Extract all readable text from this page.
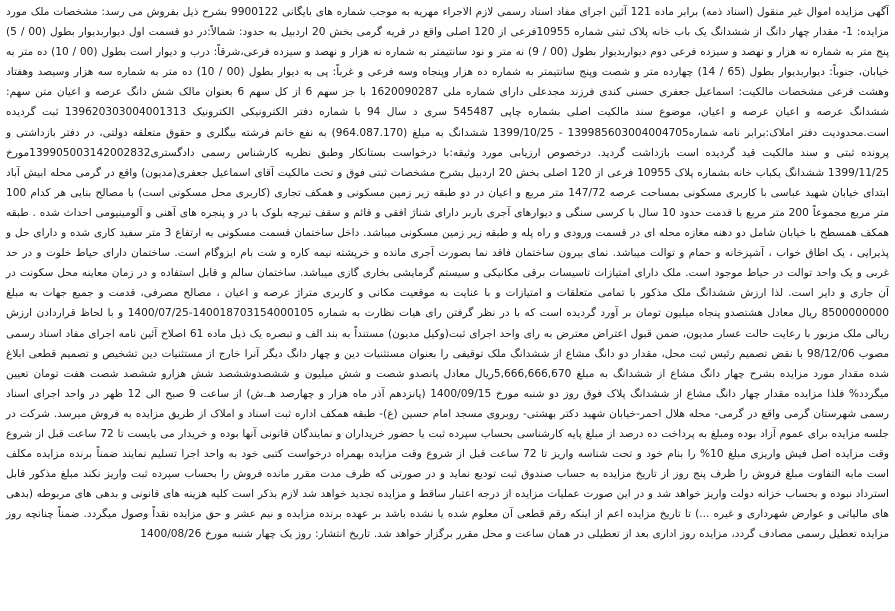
آگهی مزایده اموال غیر منقول (اسناد ذمه) برابر ماده 121 آئین اجرای مفاد اسناد رسمی لازم الاجراء مهریه به موجب شماره های بایگانی 9900122 بشرح ذیل بفروش می رسد: مشخصات ملک مورد مزایده: 1- مقدار چهار دانگ از ششدانگ یک باب خانه پلاک ثبتی شماره 10955فرعی از 120 اصلی واقع در قریه گرمی بخش 20 اردبیل به حدود: شمالاً:در دو قسمت اول دیواربدیوار بطول (00 / 5) پنج متر به شماره نه هزار و نهصد و سیزده فرعی دوم دیواربدیوار بطول (00 / 9) نه متر و نود سانتیمتر به شماره نه هزار و نهصد و سیزده فرعی،شرقاً: درب و دیوار است بطول (00 / 10) ده متر به خیابان، جنوباً: دیواربدیوار بطول (65 / 14) چهارده متر و شصت وپنج سانتیمتر به شماره ده هزار وپنجاه وسه فرعی و غرباً: پی به دیوار بطول (00 / 10) ده متر به شماره سه هزار وسیصد وهفتاد وهشت فرعی مشخصات مالکیت: اسماعیل جعفری حسنی کندی فرزند مجدعلی دارای شماره ملی 1620090287 با جز سهم 6 از کل سهم 6 بعنوان مالک شش دانگ عرصه و اعیان متن سهم: ششدانگ عرصه و اعیان عرصه و اعیان، موضوع سند مالکیت اصلی بشماره چاپی 545487 سری د سال 94 با شماره دفتر الکترونیکی الکترونیک 139620303004001313 ثبت گردیده است.محدودیت دفتر املاک:برابر نامه شماره139985603004004705 - 1399/10/25 ششدانگ به مبلغ (964.087.170) به نفع خانم فرشته بیگلری و حقوق متعلقه دولتی، در دفتر بازداشتی و پرونده ثبتی و سند مالکیت قید گردیده است بازداشت گردید. درخصوص ارزیابی مورد وثیقه:با درخواست بستانکار وطبق نظریه کارشناس رسمی دادگستری139905003142002832مورخ 1399/11/25 ششدانگ یکباب خانه بشماره پلاک 10955 فرعی از 120 اصلی بخش 20 اردبیل بشرح مشخصات ثبتی فوق و تحت مالکیت آقای اسماعیل جعفری(مدیون) واقع در گرمی محله ابیش آباد ابتدای خیابان شهید عباسی با کاربری مسکونی بمساحت عرصه 147/72 متر مربع و اعیان در دو طبقه زیر زمین مسکونی و همکف تجاری (کاربری محل مسکونی است) با مصالح بنایی هر کدام 100 متر مربع مجموعاً 200 متر مربع با قدمت حدود 10 سال با کرسی سنگی و دیوارهای آجری باربر دارای شناژ افقی و قائم و سقف تیرچه بلوک با در و پنجره های آهنی و آلومینیومی احداث شده . طبقه همکف همسطح با خیابان شامل دو دهنه مغازه محله ای در قسمت ورودی و راه پله و طبقه زیر زمین مسکونی میباشد. داخل ساختمان قسمت مسکونی به ارتفاع 3 متر سفید کاری شده و دارای حل و پذیرایی ، یک اطاق خواب ، آشپزخانه و حمام و توالت میباشد. نمای بیرون ساختمان فاقد نما بصورت آجری مانده و خرپشته نیمه کاره و شت بام ایزوگام است. ساختمان دارای حیاط خلوت و در حد غربی و یک واحد توالت در حیاط موجود است. ملک دارای امتیازات تاسیسات برقی مکانیکی و سیستم گرمایشی بخاری گازی میباشد. ساختمان سالم و قابل استفاده و در زمان معاینه محل سکونت در آن جاری و دایر است. لذا ارزش ششدانگ ملک مذکور با تمامی متعلقات و امتیازات و با عنایت به موقعیت مکانی و کاربری متراژ عرصه و اعیان ، مصالح مصرفی، قدمت و جمیع جهات به مبلغ 8500000000 ریال معادل هشتصدو پنجاه میلیون تومان بر آورد گردیده است که با در نظر گرفتن رای هیات نظارت به شماره 140018703154000105-1400/07/25 و با لحاظ قراردادن ارزش ریالی ملک مزبور با رعایت حالت عسار مدیون، ضمن قبول اعتراض معترض به رای واحد اجرای ثبت(وکیل مدیون) مستنداً به بند الف و تبصره یک ذیل ماده 61 اصلاح آئین نامه اجرای مفاد اسناد رسمی مصوب 98/12/06 با نقض تصمیم رئیس ثبت محل، مقدار دو دانگ مشاع از ششدانگ ملک توقیفی را بعنوان مستثنیات دین و چهار دانگ دیگر آنرا خارج از مستثنیات دین تشخیص و تصمیم قطعی ابلاغ شده مقدار مورد مزایده بشرح چهار دانگ مشاع از ششدانگ به مبلغ 5,666,666,670ریال معادل پانصدو شصت و شش میلیون و ششصدوششصد شش هزارو ششصد شصت هفت تومان تعیین میگردد% فلذا مزایده مقدار چهار دانگ مشاع از ششدانگ پلاک فوق روز دو شنبه مورخ 1400/09/15 (پانزدهم آذر ماه هزار و چهارصد هـ.ش) از ساعت 9 صبح الی 12 ظهر در واحد اجرای اسناد رسمی شهرستان گرمی واقع در گرمی- محله هلال احمر-خیابان شهید دکتر بهشتی- روبروی مسجد امام حسین (ع)- طبقه همکف اداره ثبت اسناد و املاک از طریق مزایده به فروش میرسد. شرکت در جلسه مزایده برای عموم آزاد بوده ومبلغ به پرداخت ده درصد از مبلغ پایه کارشناسی بحساب سپرده ثبت یا حضور خریداران و نمایندگان قانونی آنها بوده و خریدار می بایست تا 72 ساعت قبل از شروع وقت مزایده اصل فیش واریزی مبلغ 10% را بنام خود و تحت شناسه واریز تا 72 ساعت قبل از شروع وقت مزایده بهمراه درخواست کتبی خود به واحد اجرا تسلیم نمایند ضمناً برنده مزایده مکلف است مابه التفاوت مبلغ فروش را ظرف پنج روز از تاریخ مزایده به حساب صندوق ثبت تودیع نماید و در صورتی که ظرف مدت مقرر مانده فروش را بحساب سپرده ثبت واریز نکند مبلغ مذکور قابل استرداد نبوده و بحساب خزانه دولت واریز خواهد شد و در این صورت عملیات مزایده از درجه اعتبار ساقط و مزایده تجدید خواهد شد لازم بذکر است کلیه هزینه های قانونی و بدهی های مربوطه (بدهی های مالیاتی و عوارض شهرداری و غیره ...) تا تاریخ مزایده اعم از اینکه رقم قطعی آن معلوم شده یا نشده باشد بر عهده برنده مزایده و نیم عشر و حق مزایده نقداً وصول میگردد. ضمناً چنانچه روز مزایده تعطیل رسمی مصادف گردد، مزایده روز اداری بعد از تعطیلی در همان ساعت و محل مقرر برگزار خواهد شد. تاریخ انتشار: روز یک چهار شنبه مورخ 1400/08/26
